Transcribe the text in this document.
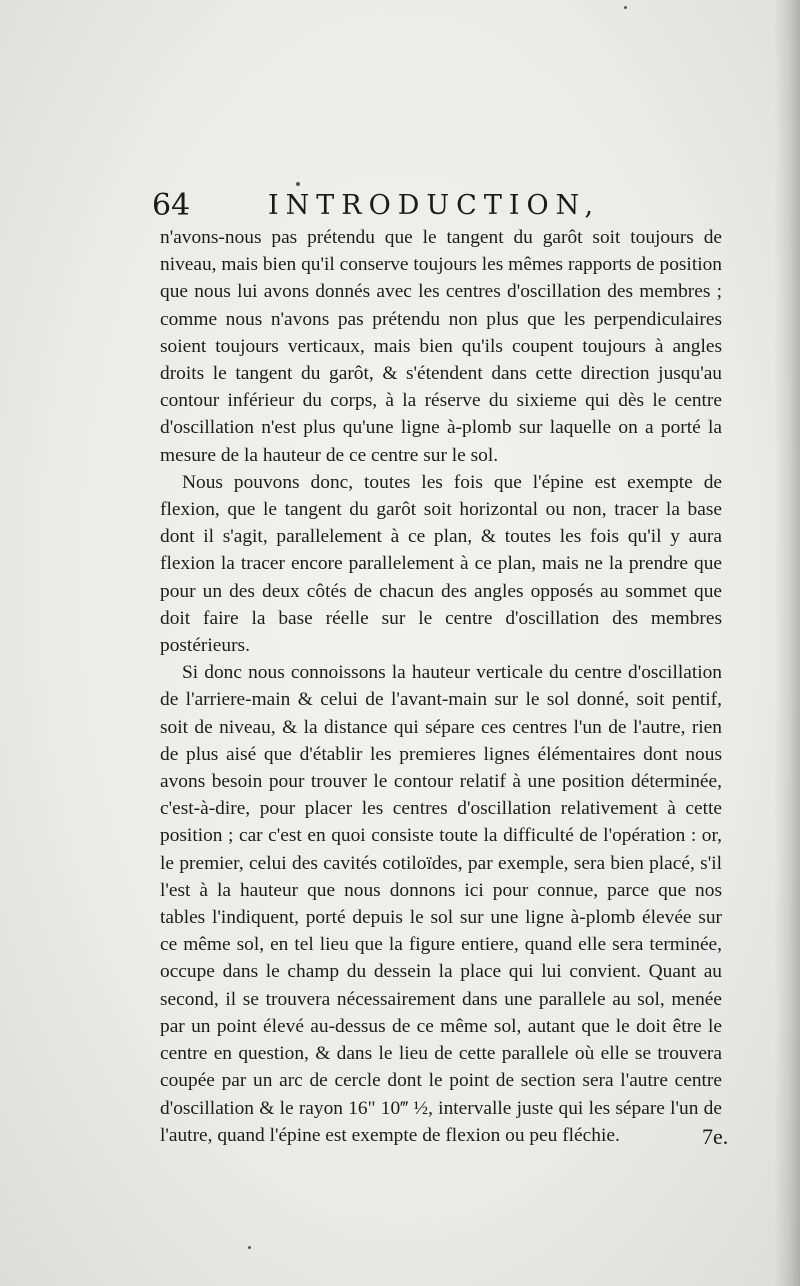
64	INTRODUCTION,

n'avons-nous pas prétendu que le tangent du garôt soit toujours de niveau, mais bien qu'il conserve toujours les mêmes rapports de position que nous lui avons donnés avec les centres d'oscillation des membres ; comme nous n'avons pas prétendu non plus que les perpendiculaires soient toujours verticaux, mais bien qu'ils coupent toujours à angles droits le tangent du garôt, & s'étendent dans cette direction jusqu'au contour inférieur du corps, à la réserve du sixieme qui dès le centre d'oscillation n'est plus qu'une ligne à-plomb sur laquelle on a porté la mesure de la hauteur de ce centre sur le sol.

Nous pouvons donc, toutes les fois que l'épine est exempte de flexion, que le tangent du garôt soit horizontal ou non, tracer la base dont il s'agit, parallelement à ce plan, & toutes les fois qu'il y aura flexion la tracer encore parallelement à ce plan, mais ne la prendre que pour un des deux côtés de chacun des angles opposés au sommet que doit faire la base réelle sur le centre d'oscillation des membres postérieurs.

Si donc nous connoissons la hauteur verticale du centre d'oscillation de l'arriere-main & celui de l'avant-main sur le sol donné, soit pentif, soit de niveau, & la distance qui sépare ces centres l'un de l'autre, rien de plus aisé que d'établir les premieres lignes élémentaires dont nous avons besoin pour trouver le contour relatif à une position déterminée, c'est-à-dire, pour placer les centres d'oscillation relativement à cette position ; car c'est en quoi consiste toute la difficulté de l'opération : or, le premier, celui des cavités cotiloïdes, par exemple, sera bien placé, s'il l'est à la hauteur que nous donnons ici pour connue, parce que nos tables l'indiquent, porté depuis le sol sur une ligne à-plomb élevée sur ce même sol, en tel lieu que la figure entiere, quand elle sera terminée, occupe dans le champ du dessein la place qui lui convient. Quant au second, il se trouvera nécessairement dans une parallele au sol, menée par un point élevé au-dessus de ce même sol, autant que le doit être le centre en question, & dans le lieu de cette parallele où elle se trouvera coupée par un arc de cercle dont le point de section sera l'autre centre d'oscillation & le rayon 16" 10‴ ½, intervalle juste qui les sépare l'un de l'autre, quand l'épine est exempte de flexion ou peu fléchie.	7e.
